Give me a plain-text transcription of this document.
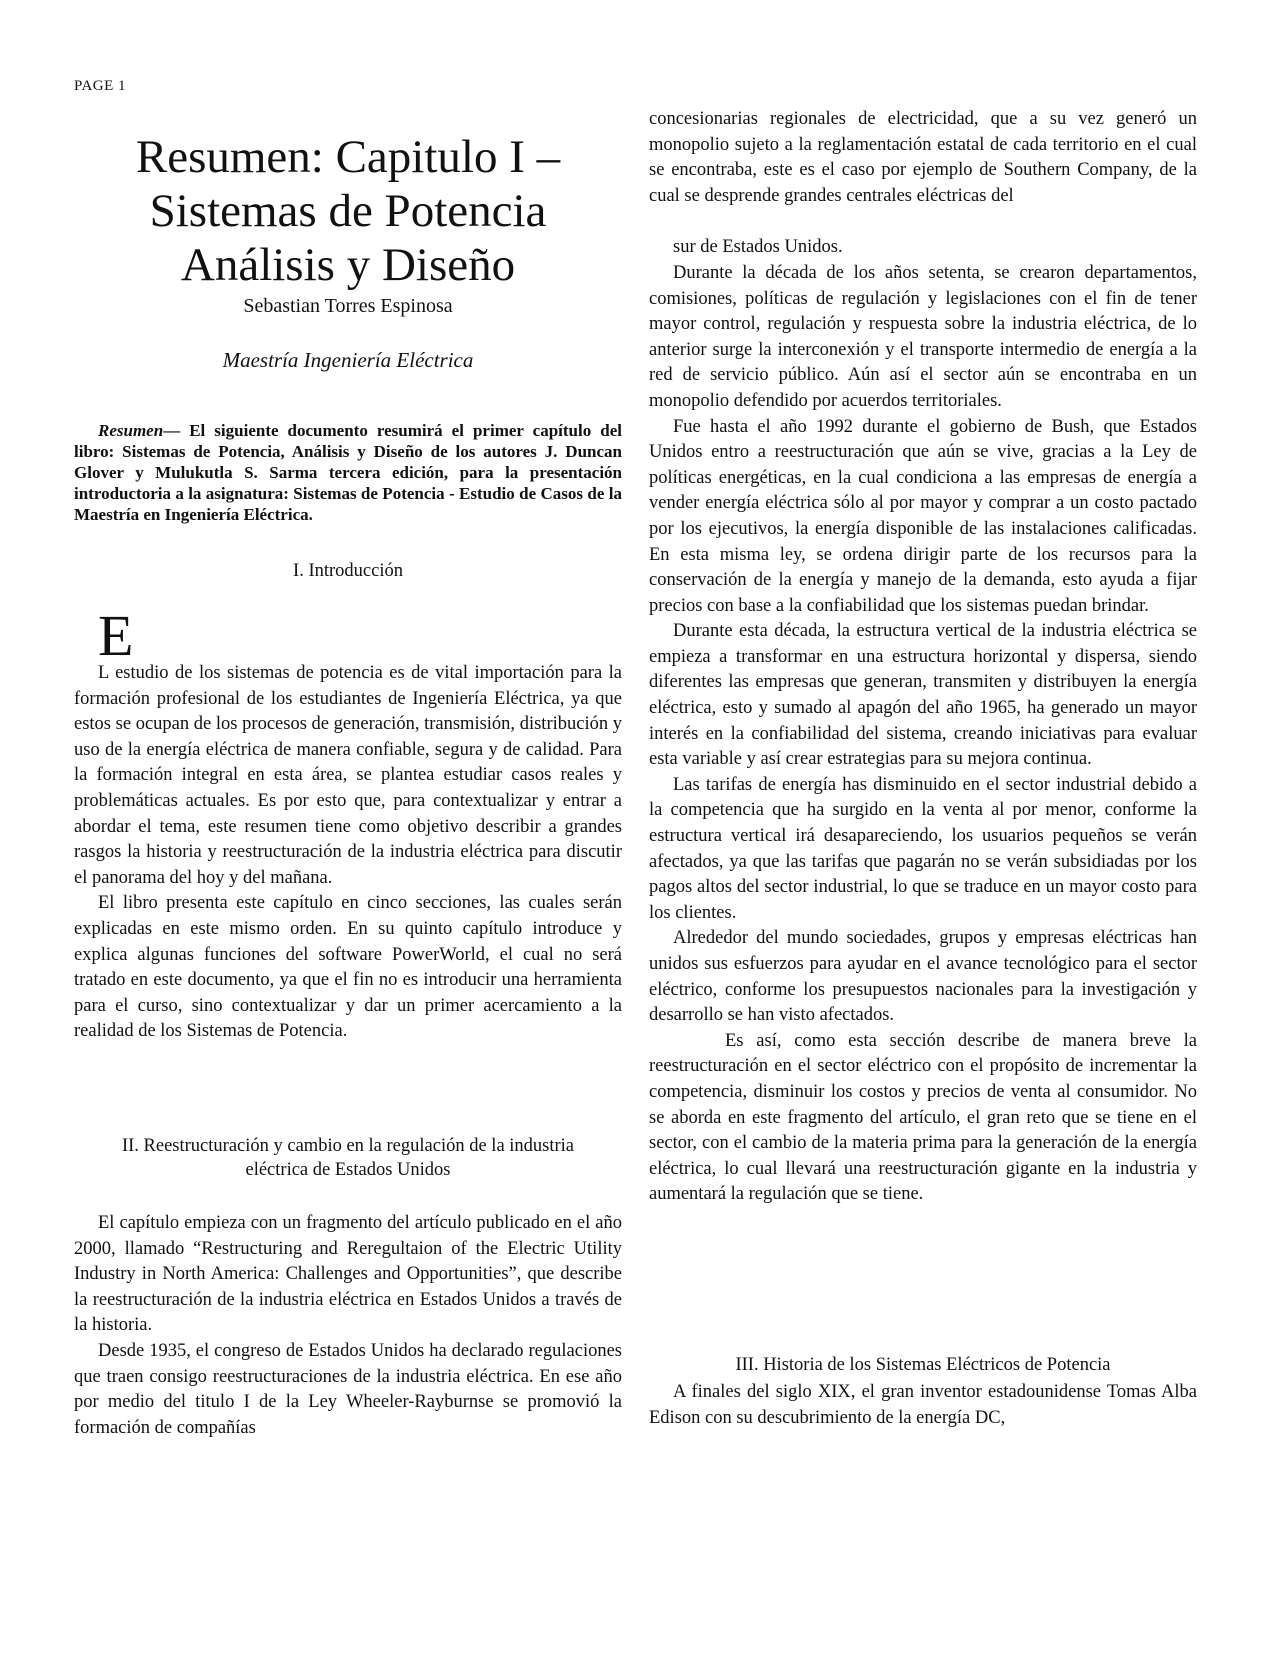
PAGE 1
Resumen: Capitulo I –
Sistemas de Potencia
Análisis y Diseño
Sebastian Torres Espinosa
Maestría Ingeniería Eléctrica
Resumen— El siguiente documento resumirá el primer capítulo del libro: Sistemas de Potencia, Análisis y Diseño de los autores J. Duncan Glover y Mulukutla S. Sarma tercera edición, para la presentación introductoria a la asignatura: Sistemas de Potencia - Estudio de Casos de la Maestría en Ingeniería Eléctrica.
I. Introducción
E

L estudio de los sistemas de potencia es de vital importación para la formación profesional de los estudiantes de Ingeniería Eléctrica, ya que estos se ocupan de los procesos de generación, transmisión, distribución y uso de la energía eléctrica de manera confiable, segura y de calidad. Para la formación integral en esta área, se plantea estudiar casos reales y problemáticas actuales. Es por esto que, para contextualizar y entrar a abordar el tema, este resumen tiene como objetivo describir a grandes rasgos la historia y reestructuración de la industria eléctrica para discutir el panorama del hoy y del mañana.

El libro presenta este capítulo en cinco secciones, las cuales serán explicadas en este mismo orden. En su quinto capítulo introduce y explica algunas funciones del software PowerWorld, el cual no será tratado en este documento, ya que el fin no es introducir una herramienta para el curso, sino contextualizar y dar un primer acercamiento a la realidad de los Sistemas de Potencia.

II. Reestructuración y cambio en la regulación de la industria
eléctrica de Estados Unidos

El capítulo empieza con un fragmento del artículo publicado en el año 2000, llamado “Restructuring and Reregultaion of the Electric Utility Industry in North America: Challenges and Opportunities”, que describe la reestructuración de la industria eléctrica en Estados Unidos a través de la historia.

Desde 1935, el congreso de Estados Unidos ha declarado regulaciones que traen consigo reestructuraciones de la industria eléctrica. En ese año por medio del titulo I de la Ley Wheeler-Rayburnse se promovió la formación de compañías

concesionarias regionales de electricidad, que a su vez generó un monopolio sujeto a la reglamentación estatal de cada territorio en el cual se encontraba, este es el caso por ejemplo de Southern Company, de la cual se desprende grandes centrales eléctricas del

sur de Estados Unidos.

Durante la década de los años setenta, se crearon departamentos, comisiones, políticas de regulación y legislaciones con el fin de tener mayor control, regulación y respuesta sobre la industria eléctrica, de lo anterior surge la interconexión y el transporte intermedio de energía a la red de servicio público. Aún así el sector aún se encontraba en un monopolio defendido por acuerdos territoriales.

Fue hasta el año 1992 durante el gobierno de Bush, que Estados Unidos entro a reestructuración que aún se vive, gracias a la Ley de políticas energéticas, en la cual condiciona a las empresas de energía a vender energía eléctrica sólo al por mayor y comprar a un costo pactado por los ejecutivos, la energía disponible de las instalaciones calificadas. En esta misma ley, se ordena dirigir parte de los recursos para la conservación de la energía y manejo de la demanda, esto ayuda a fijar precios con base a la confiabilidad que los sistemas puedan brindar.

Durante esta década, la estructura vertical de la industria eléctrica se empieza a transformar en una estructura horizontal y dispersa, siendo diferentes las empresas que generan, transmiten y distribuyen la energía eléctrica, esto y sumado al apagón del año 1965, ha generado un mayor interés en la confiabilidad del sistema, creando iniciativas para evaluar esta variable y así crear estrategias para su mejora continua.

Las tarifas de energía has disminuido en el sector industrial debido a la competencia que ha surgido en la venta al por menor, conforme la estructura vertical irá desapareciendo, los usuarios pequeños se verán afectados, ya que las tarifas que pagarán no se verán subsidiadas por los pagos altos del sector industrial, lo que se traduce en un mayor costo para los clientes.

Alrededor del mundo sociedades, grupos y empresas eléctricas han unidos sus esfuerzos para ayudar en el avance tecnológico para el sector eléctrico, conforme los presupuestos nacionales para la investigación y desarrollo se han visto afectados.

Es así, como esta sección describe de manera breve la reestructuración en el sector eléctrico con el propósito de incrementar la competencia, disminuir los costos y precios de venta al consumidor. No se aborda en este fragmento del artículo, el gran reto que se tiene en el sector, con el cambio de la materia prima para la generación de la energía eléctrica, lo cual llevará una reestructuración gigante en la industria y aumentará la regulación que se tiene.

III. Historia de los Sistemas Eléctricos de Potencia

A finales del siglo XIX, el gran inventor estadounidense Tomas Alba Edison con su descubrimiento de la energía DC,
